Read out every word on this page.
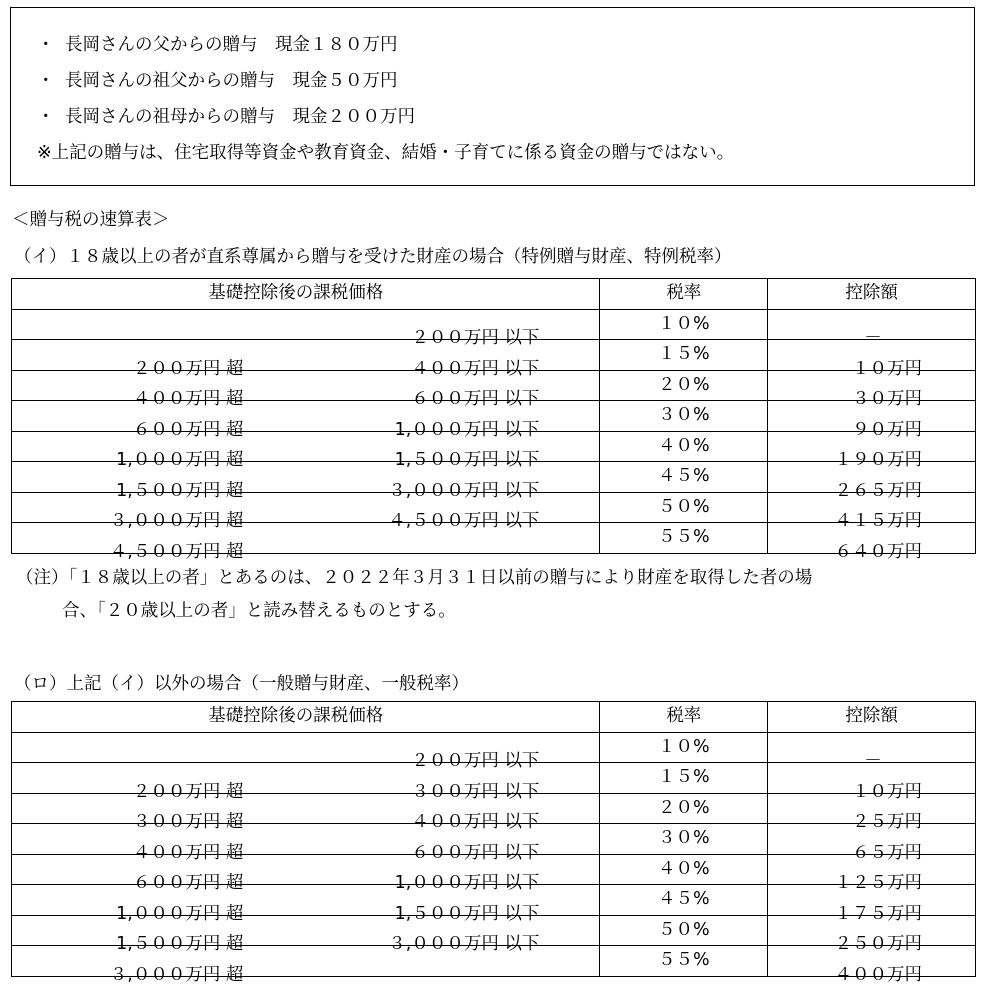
・ 長岡さんの父からの贈与　現金１８０万円
・ 長岡さんの祖父からの贈与　現金５０万円
・ 長岡さんの祖母からの贈与　現金２００万円
※上記の贈与は、住宅取得等資金や教育資金、結婚・子育てに係る資金の贈与ではない。
＜贈与税の速算表＞
（イ）１８歳以上の者が直系尊属から贈与を受けた財産の場合（特例贈与財産、特例税率）
基礎控除後の課税価格	税率	控除額

２００万円 以下	１０%	－

２００万円 超 ４００万円 以下	１５%	１０万円

４００万円 超 ６００万円 以下	２０%	３０万円

６００万円 超 1,０００万円 以下	３０%	９０万円

1,０００万円 超 1,５００万円 以下	４０%	１９０万円

1,５００万円 超 ３,０００万円 以下	４５%	２６５万円

３,０００万円 超 ４,５００万円 以下	５０%	４１５万円

４,５００万円 超	５５%	６４０万円
（注）「１８歳以上の者」とあるのは、２０２２年３月３１日以前の贈与により財産を取得した者の場
合、「２０歳以上の者」と読み替えるものとする。
（ロ）上記（イ）以外の場合（一般贈与財産、一般税率）
基礎控除後の課税価格	税率	控除額

２００万円 以下	１０%	－

２００万円 超 ３００万円 以下	１５%	１０万円

３００万円 超 ４００万円 以下	２０%	２５万円

４００万円 超 ６００万円 以下	３０%	６５万円

６００万円 超 1,０００万円 以下	４０%	１２５万円

1,０００万円 超 1,５００万円 以下	４５%	１７５万円

1,５００万円 超 ３,０００万円 以下	５０%	２５０万円

３,０００万円 超	５５%	４００万円
